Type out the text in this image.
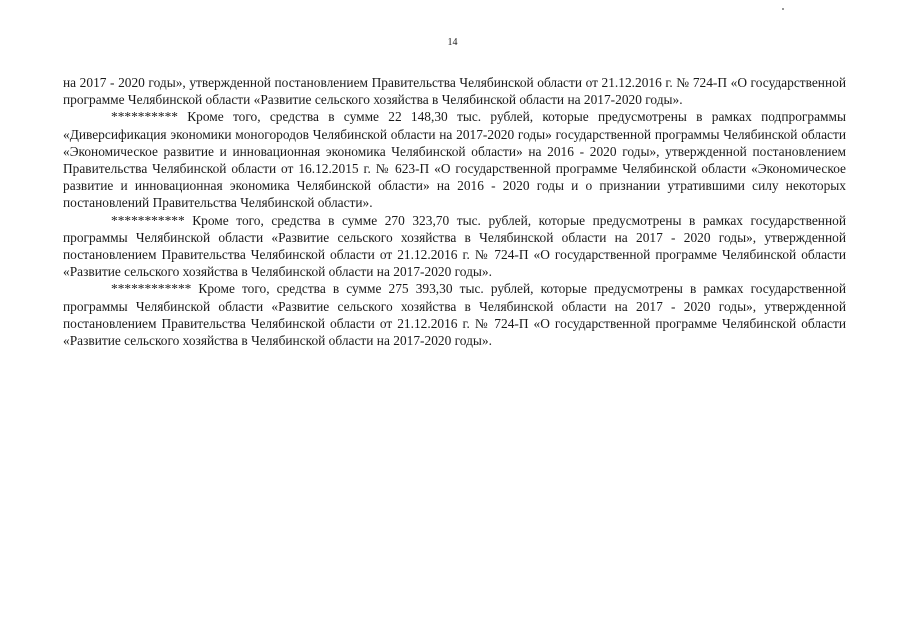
14

на 2017 - 2020 годы», утвержденной постановлением Правительства Челябинской области от 21.12.2016 г. № 724-П «О государственной программе Челябинской области «Развитие сельского хозяйства в Челябинской области на 2017-2020 годы».

********** Кроме того, средства в сумме 22 148,30 тыс. рублей, которые предусмотрены в рамках подпрограммы «Диверсификация экономики моногородов Челябинской области на 2017-2020 годы» государственной программы Челябинской области «Экономическое развитие и инновационная экономика Челябинской области» на 2016 - 2020 годы», утвержденной постановлением Правительства Челябинской области от 16.12.2015 г. № 623-П «О государственной программе Челябинской области «Экономическое развитие и инновационная экономика Челябинской области» на 2016 - 2020 годы и о признании утратившими силу некоторых постановлений Правительства Челябинской области».

*********** Кроме того, средства в сумме 270 323,70 тыс. рублей, которые предусмотрены в рамках государственной программы Челябинской области «Развитие сельского хозяйства в Челябинской области на 2017 - 2020 годы», утвержденной постановлением Правительства Челябинской области от 21.12.2016 г. № 724-П «О государственной программе Челябинской области «Развитие сельского хозяйства в Челябинской области на 2017-2020 годы».

************ Кроме того, средства в сумме 275 393,30 тыс. рублей, которые предусмотрены в рамках государственной программы Челябинской области «Развитие сельского хозяйства в Челябинской области на 2017 - 2020 годы», утвержденной постановлением Правительства Челябинской области от 21.12.2016 г. № 724-П «О государственной программе Челябинской области «Развитие сельского хозяйства в Челябинской области на 2017-2020 годы».
